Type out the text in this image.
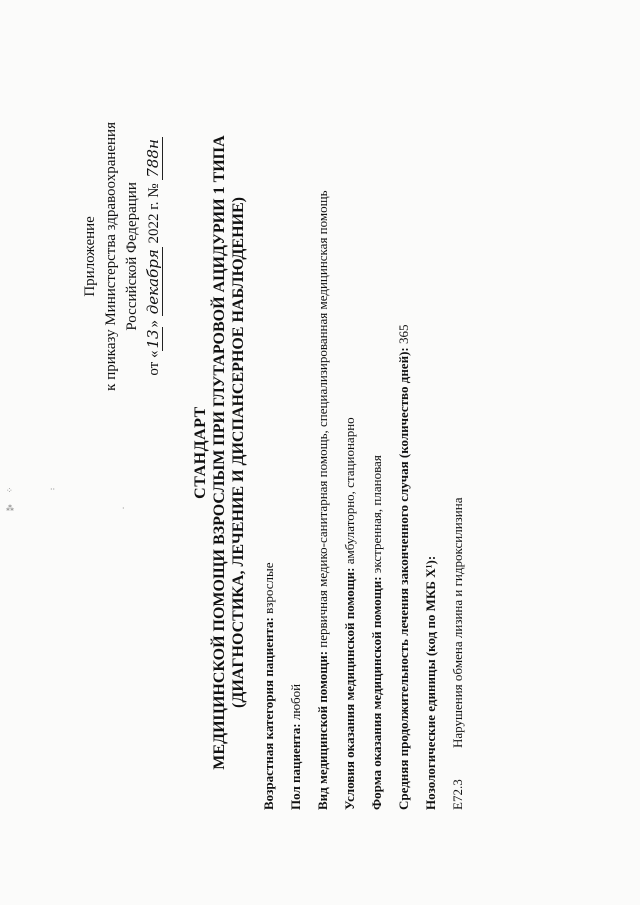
Приложение к приказу Министерства здравоохранения Российской Федерации
от «13» декабря 2022 г. № 788н
СТАНДАРТ МЕДИЦИНСКОЙ ПОМОЩИ ВЗРОСЛЫМ ПРИ ГЛУТАРОВОЙ АЦИДУРИИ 1 ТИПА (ДИАГНОСТИКА, ЛЕЧЕНИЕ И ДИСПАНСЕРНОЕ НАБЛЮДЕНИЕ)
Возрастная категория пациента: взрослые
Пол пациента: любой Вид медицинской помощи: первичная медико-санитарная помощь, специализированная медицинская помощь
Условия оказания медицинской помощи: амбулаторно, стационарно
Форма оказания медицинской помощи: экстренная, плановая Средняя продолжительность лечения законченного случая (количество дней): 365
Нозологические единицы (код по МКБ X¹): E72.3
Нарушения обмена лизина и гидроксилизина
⁘
⁂
··
·
